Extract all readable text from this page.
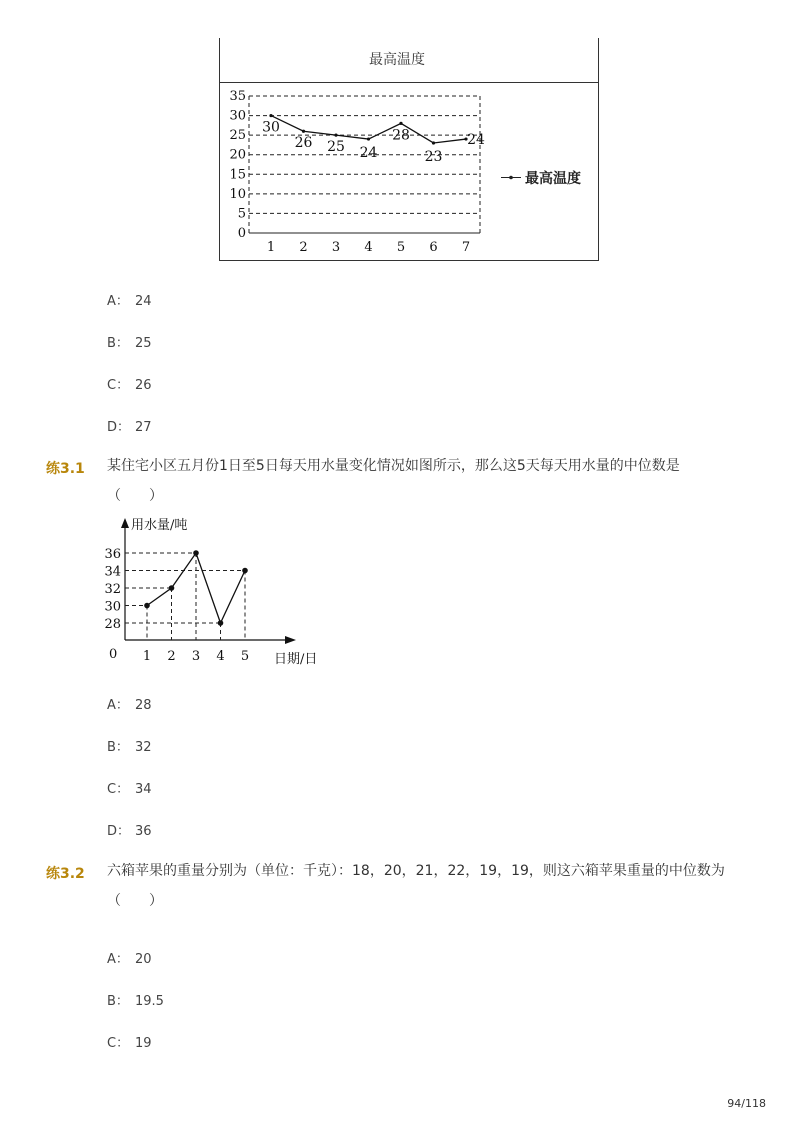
最高温度
0
5
10
15
20
25
30
35
1 2 3 4 5 6 7
30
26 25 24
28
23
24
最高温度
A： 24
B： 25
C： 26
D： 27
练3.1 某住宅小区五月份1日至5日每天用水量变化情况如图所示，那么这5天每天用水量的中位数是（　　）
用水量/吨
日期/日
0
28
30
32
34
36
1 2 3 4 5
A： 28
B： 32
C： 34
D： 36
练3.2 六箱苹果的重量分别为（单位：千克）：18，20，21，22，19，19，则这六箱苹果重量的中位数为（　　）
A： 20
B： 19.5
C： 19
94/118
